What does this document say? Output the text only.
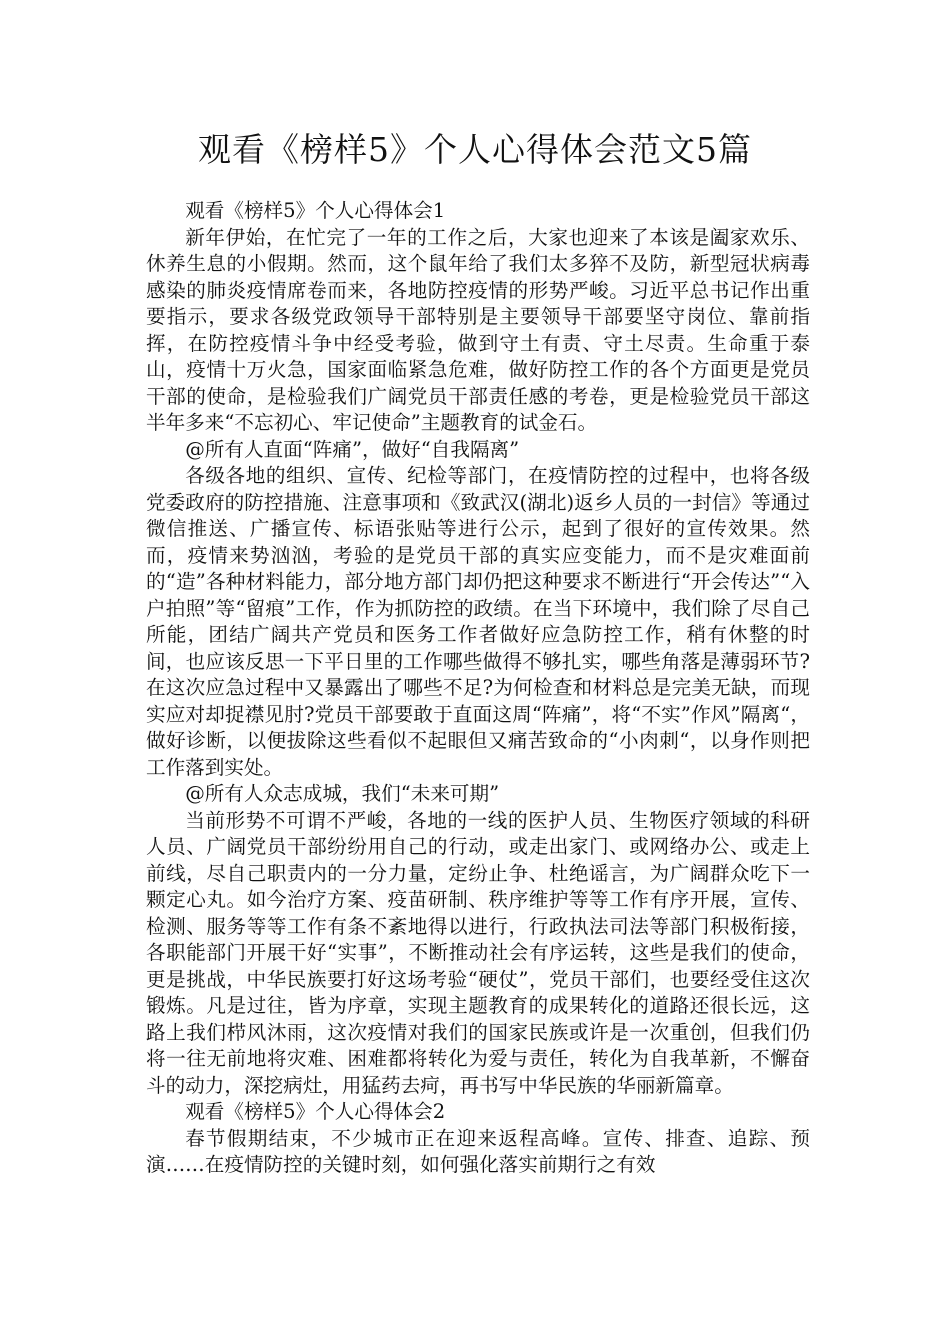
观看《榜样5》个人心得体会范文5篇

观看《榜样5》个人心得体会1

新年伊始，在忙完了一年的工作之后，大家也迎来了本该是阖家欢乐、休养生息的小假期。然而，这个鼠年给了我们太多猝不及防，新型冠状病毒感染的肺炎疫情席卷而来，各地防控疫情的形势严峻。习近平总书记作出重要指示，要求各级党政领导干部特别是主要领导干部要坚守岗位、靠前指挥，在防控疫情斗争中经受考验，做到守土有责、守土尽责。生命重于泰山，疫情十万火急，国家面临紧急危难，做好防控工作的各个方面更是党员干部的使命，是检验我们广阔党员干部责任感的考卷，更是检验党员干部这半年多来“不忘初心、牢记使命”主题教育的试金石。

@所有人直面“阵痛”，做好“自我隔离”

各级各地的组织、宣传、纪检等部门，在疫情防控的过程中，也将各级党委政府的防控措施、注意事项和《致武汉(湖北)返乡人员的一封信》等通过微信推送、广播宣传、标语张贴等进行公示，起到了很好的宣传效果。然而，疫情来势汹汹，考验的是党员干部的真实应变能力，而不是灾难面前的“造”各种材料能力，部分地方部门却仍把这种要求不断进行“开会传达”“入户拍照”等“留痕”工作，作为抓防控的政绩。在当下环境中，我们除了尽自己所能，团结广阔共产党员和医务工作者做好应急防控工作，稍有休整的时间，也应该反思一下平日里的工作哪些做得不够扎实，哪些角落是薄弱环节?在这次应急过程中又暴露出了哪些不足?为何检查和材料总是完美无缺，而现实应对却捉襟见肘?党员干部要敢于直面这周“阵痛”，将“不实”作风”隔离“，做好诊断，以便拔除这些看似不起眼但又痛苦致命的“小肉刺“，以身作则把工作落到实处。

@所有人众志成城，我们“未来可期”

当前形势不可谓不严峻，各地的一线的医护人员、生物医疗领域的科研人员、广阔党员干部纷纷用自己的行动，或走出家门、或网络办公、或走上前线，尽自己职责内的一分力量，定纷止争、杜绝谣言，为广阔群众吃下一颗定心丸。如今治疗方案、疫苗研制、秩序维护等等工作有序开展，宣传、检测、服务等等工作有条不紊地得以进行，行政执法司法等部门积极衔接，各职能部门开展干好“实事”，不断推动社会有序运转，这些是我们的使命，更是挑战，中华民族要打好这场考验“硬仗”，党员干部们，也要经受住这次锻炼。凡是过往，皆为序章，实现主题教育的成果转化的道路还很长远，这路上我们栉风沐雨，这次疫情对我们的国家民族或许是一次重创，但我们仍将一往无前地将灾难、困难都将转化为爱与责任，转化为自我革新，不懈奋斗的动力，深挖病灶，用猛药去疴，再书写中华民族的华丽新篇章。

观看《榜样5》个人心得体会2

春节假期结束，不少城市正在迎来返程高峰。宣传、排查、追踪、预演……在疫情防控的关键时刻，如何强化落实前期行之有效
